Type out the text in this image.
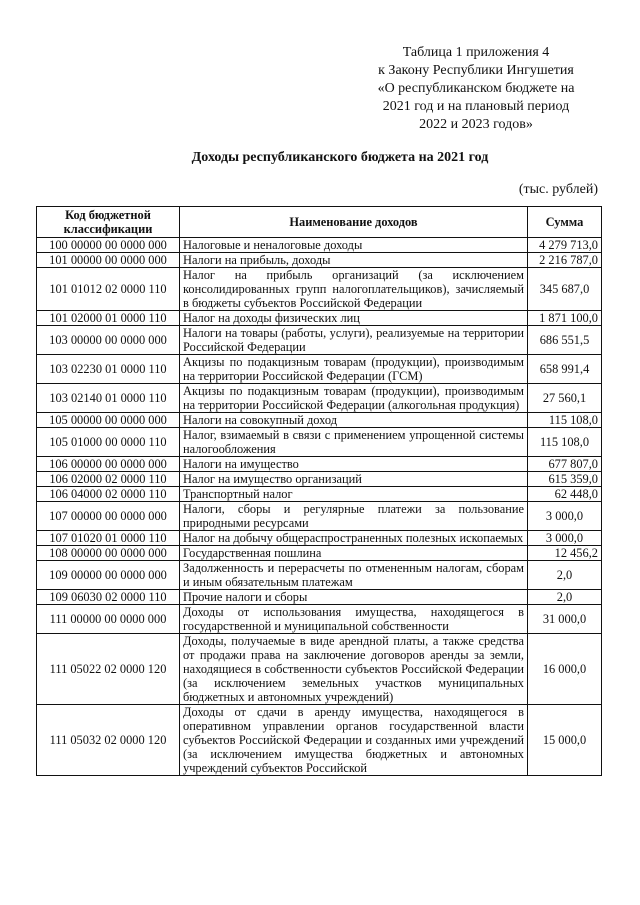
Таблица 1 приложения 4
к Закону Республики Ингушетия
«О республиканском бюджете на
2021 год и на плановый период
2022 и 2023 годов»
Доходы республиканского бюджета на 2021 год
(тыс. рублей)
Код бюджетной классификации	Наименование доходов	Сумма
100 00000 00 0000 000	Налоговые и неналоговые доходы	4 279 713,0
101 00000 00 0000 000	Налоги на прибыль, доходы	2 216 787,0
101 01012 02 0000 110	Налог на прибыль организаций (за исключением консолидированных групп налогоплательщиков), зачисляемый в бюджеты субъектов Российской Федерации	345 687,0
101 02000 01 0000 110	Налог на доходы физических лиц	1 871 100,0
103 00000 00 0000 000	Налоги на товары (работы, услуги), реализуемые на территории Российской Федерации	686 551,5
103 02230 01 0000 110	Акцизы по подакцизным товарам (продукции), производимым на территории Российской Федерации (ГСМ)	658 991,4
103 02140 01 0000 110	Акцизы по подакцизным товарам (продукции), производимым на территории Российской Федерации (алкогольная продукция)	27 560,1
105 00000 00 0000 000	Налоги на совокупный доход	115 108,0
105 01000 00 0000 110	Налог, взимаемый в связи с применением упрощенной системы налогообложения	115 108,0
106 00000 00 0000 000	Налоги на имущество	677 807,0
106 02000 02 0000 110	Налог на имущество организаций	615 359,0
106 04000 02 0000 110	Транспортный налог	62 448,0
107 00000 00 0000 000	Налоги, сборы и регулярные платежи за пользование природными ресурсами	3 000,0
107 01020 01 0000 110	Налог на добычу общераспространенных полезных ископаемых	3 000,0
108 00000 00 0000 000	Государственная пошлина	12 456,2
109 00000 00 0000 000	Задолженность и перерасчеты по отмененным налогам, сборам и иным обязательным платежам	2,0
109 06030 02 0000 110	Прочие налоги и сборы	2,0
111 00000 00 0000 000	Доходы от использования имущества, находящегося в государственной и муниципальной собственности	31 000,0
111 05022 02 0000 120	Доходы, получаемые в виде арендной платы, а также средства от продажи права на заключение договоров аренды за земли, находящиеся в собственности субъектов Российской Федерации (за исключением земельных участков муниципальных бюджетных и автономных учреждений)	16 000,0
111 05032 02 0000 120	Доходы от сдачи в аренду имущества, находящегося в оперативном управлении органов государственной власти субъектов Российской Федерации и созданных ими учреждений (за исключением имущества бюджетных и автономных учреждений субъектов Российской	15 000,0
